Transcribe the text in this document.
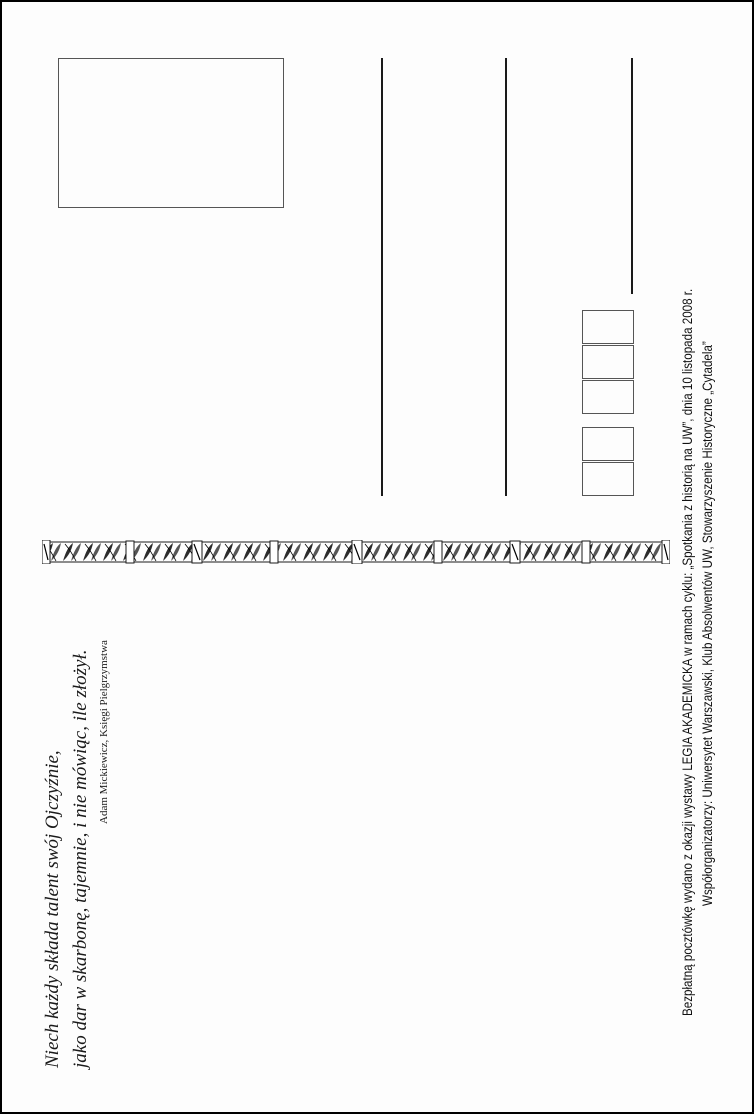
Niech każdy składa talent swój Ojczyźnie, jako dar w skarbonę, tajemnie, i nie mówiąc, ile złożył. Adam Mickiewicz, Księgi Pielgrzymstwa	Bezpłatną pocztówkę wydano z okazji wystawy LEGIA AKADEMICKA w ramach cyklu: „Spotkania z historią na UW”, dnia 10 listopada 2008 r. Współorganizatorzy: Uniwersytet Warszawski, Klub Absolwentów UW, Stowarzyszenie Historyczne „Cytadela”
